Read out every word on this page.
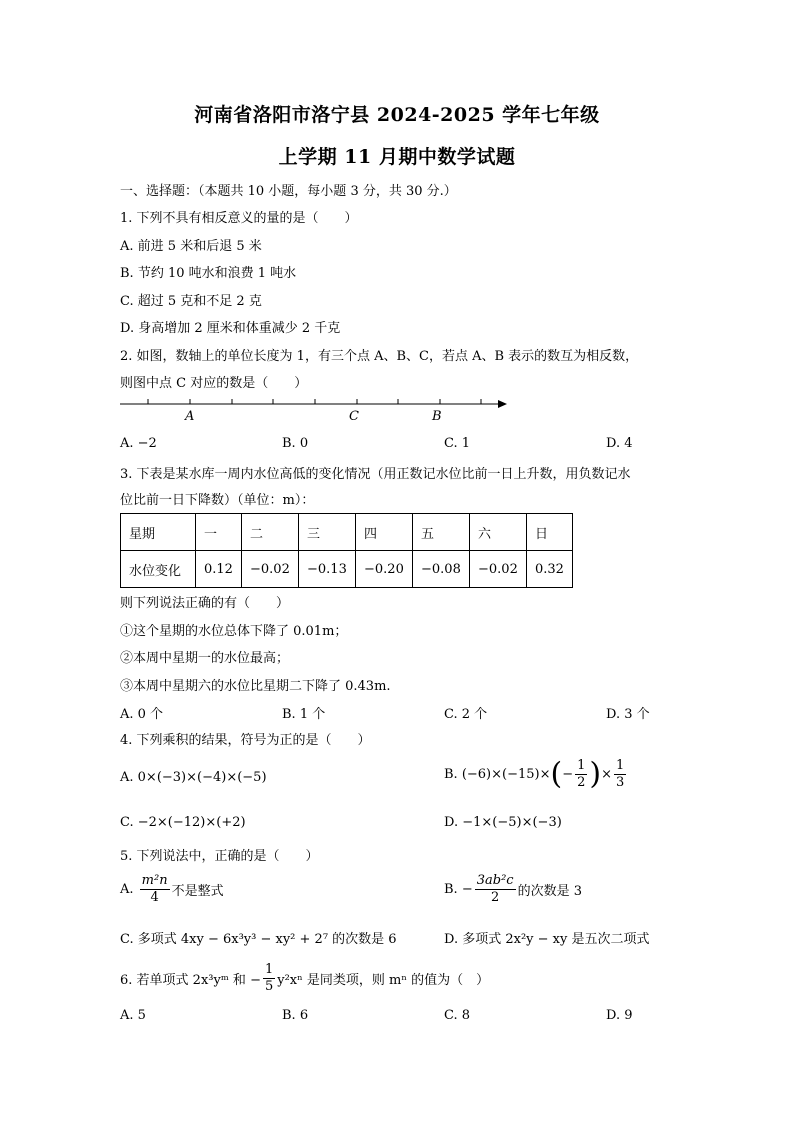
河南省洛阳市洛宁县 2024-2025 学年七年级
上学期 11 月期中数学试题
一、选择题：（本题共 10 小题，每小题 3 分，共 30 分.）
1. 下列不具有相反意义的量的是（　　）
A. 前进 5 米和后退 5 米
B. 节约 10 吨水和浪费 1 吨水
C. 超过 5 克和不足 2 克
D. 身高增加 2 厘米和体重减少 2 千克
2. 如图，数轴上的单位长度为 1，有三个点 A、B、C，若点 A、B 表示的数互为相反数，
则图中点 C 对应的数是（　　）
A	C	B
A. −2	B. 0	C. 1	D. 4
3. 下表是某水库一周内水位高低的变化情况（用正数记水位比前一日上升数，用负数记水
位比前一日下降数）（单位：m）：
星期	一	二	三	四	五	六	日
水位变化	0.12	−0.02	−0.13	−0.20	−0.08	−0.02	0.32
则下列说法正确的有（　　）
①这个星期的水位总体下降了 0.01m；
②本周中星期一的水位最高；
③本周中星期六的水位比星期二下降了 0.43m.
A. 0 个	B. 1 个	C. 2 个	D. 3 个
4. 下列乘积的结果，符号为正的是（　　）
A. 0×(−3)×(−4)×(−5)	B. $(-6)\times(-15)\times(- \frac{1}{2}$ )× $\frac{1}{3}$
C. −2×(−12)×(+2)	D. −1×(−5)×(−3)
5. 下列说法中，正确的是（　　）
A. $\frac{\text{m²n}}{4}$ 不是整式	B. − $\frac{\text{3ab²c}}{2}$ 的次数是 3
C. 多项式 4xy − 6x³y³ − xy² + 2⁷ 的次数是 6	D. 多项式 2x²y − xy 是五次二项式
6. 若单项式 2x³yᵐ 和 − $\frac{1}{5} y^2x^n$ 是同类项，则 mⁿ 的值为（　）
A. 5	B. 6	C. 8	D. 9
